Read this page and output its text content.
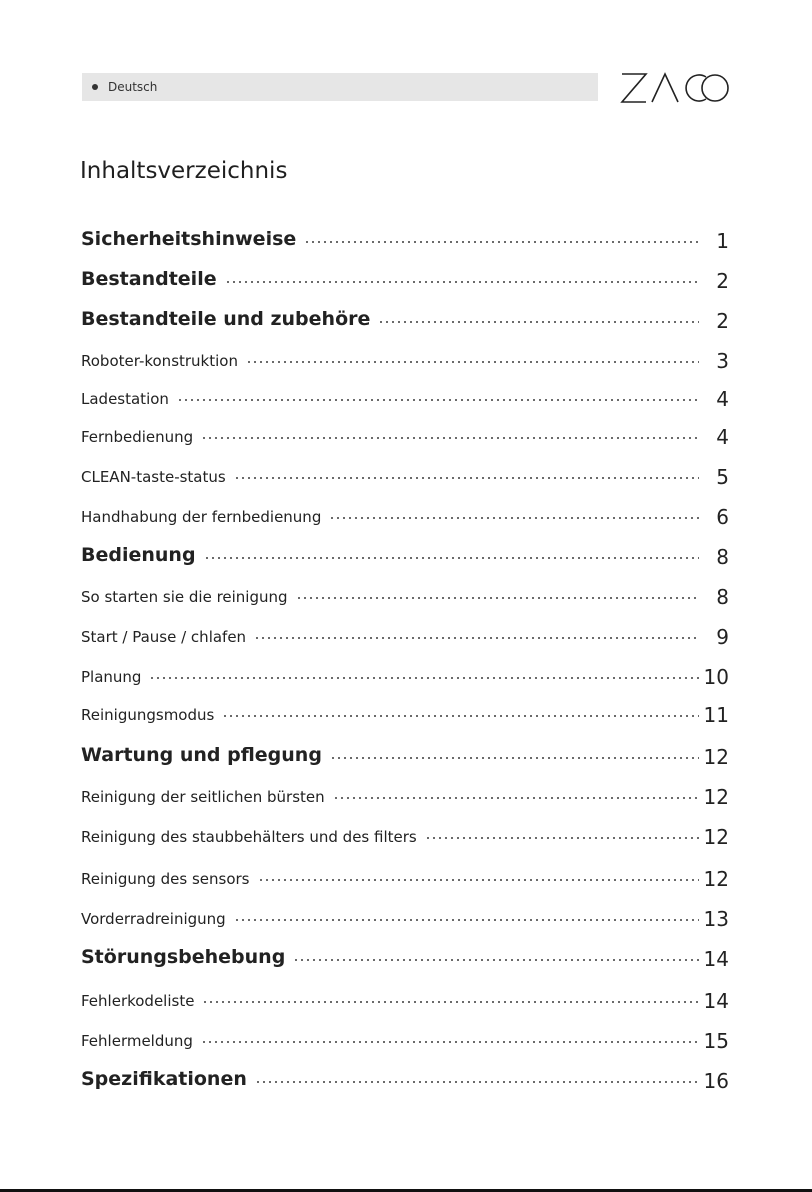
Deutsch
Inhaltsverzeichnis
Sicherheitshinweise	1
Bestandteile	2
Bestandteile und zubehöre	2
Roboter-konstruktion	3
Ladestation	4
Fernbedienung	4
CLEAN-taste-status	5
Handhabung der fernbedienung	6
Bedienung	8
So starten sie die reinigung	8
Start / Pause / chlafen	9
Planung	10
Reinigungsmodus	11
Wartung und pflegung	12
Reinigung der seitlichen bürsten	12
Reinigung des staubbehälters und des filters	12
Reinigung des sensors	12
Vorderradreinigung	13
Störungsbehebung	14
Fehlerkodeliste	14
Fehlermeldung	15
Spezifikationen	16
